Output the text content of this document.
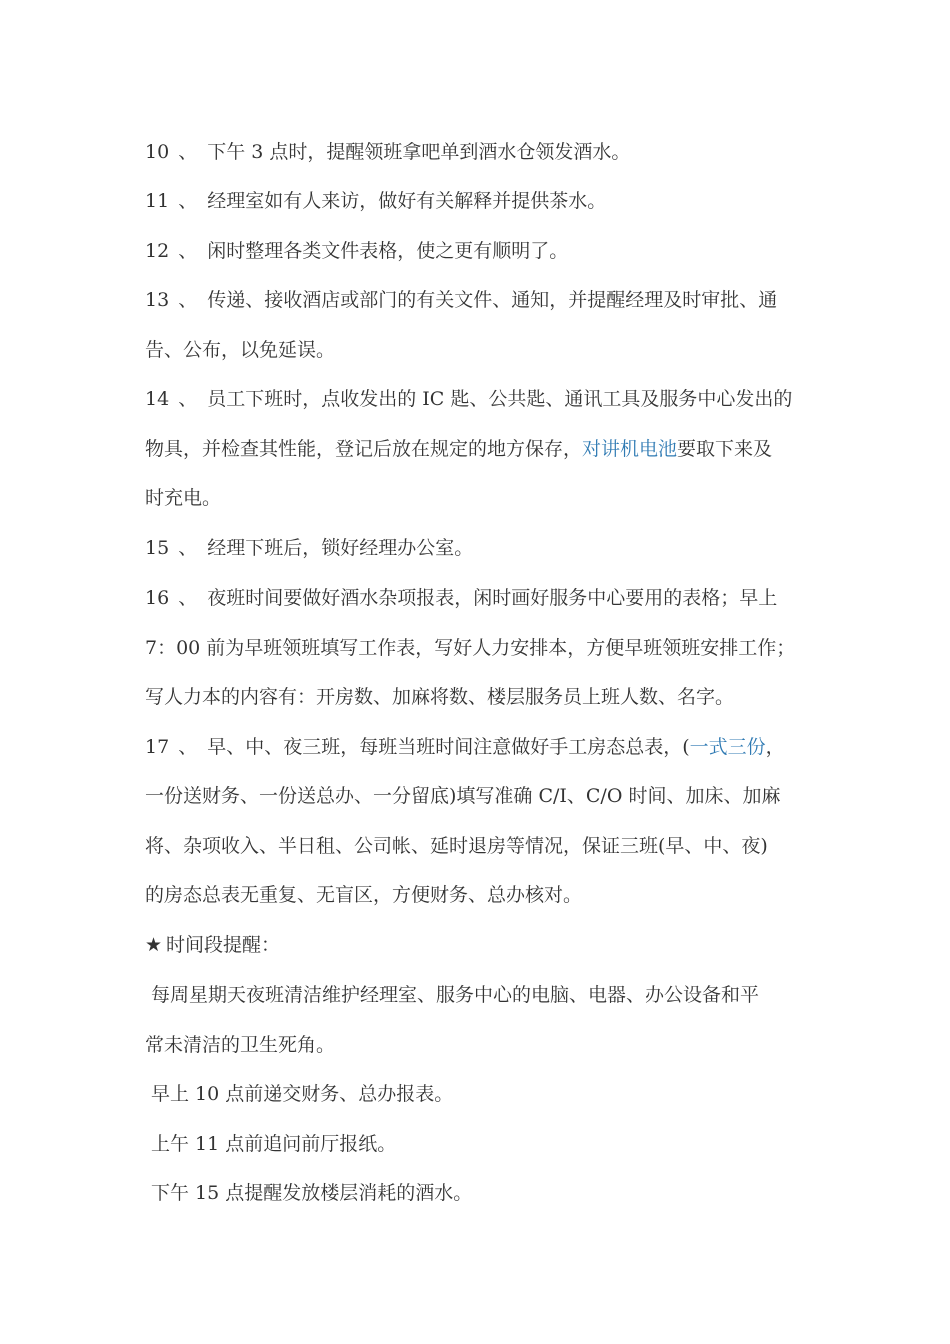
10 、 下午 3 点时，提醒领班拿吧单到酒水仓领发酒水。
11 、 经理室如有人来访，做好有关解释并提供茶水。
12 、 闲时整理各类文件表格，使之更有顺明了。
13 、 传递、接收酒店或部门的有关文件、通知，并提醒经理及时审批、通
告、公布，以免延误。
14 、 员工下班时，点收发出的 IC 匙、公共匙、通讯工具及服务中心发出的
物具，并检查其性能，登记后放在规定的地方保存，对讲机电池要取下来及
时充电。
15 、 经理下班后，锁好经理办公室。
16 、 夜班时间要做好酒水杂项报表，闲时画好服务中心要用的表格；早上
7：00 前为早班领班填写工作表，写好人力安排本，方便早班领班安排工作；
写人力本的内容有：开房数、加麻将数、楼层服务员上班人数、名字。
17 、 早、中、夜三班，每班当班时间注意做好手工房态总表，(一式三份，
一份送财务、一份送总办、一分留底)填写准确 C/I、C/O 时间、加床、加麻
将、杂项收入、半日租、公司帐、延时退房等情况，保证三班(早、中、夜)
的房态总表无重复、无盲区，方便财务、总办核对。
★ 时间段提醒：
每周星期天夜班清洁维护经理室、服务中心的电脑、电器、办公设备和平
常未清洁的卫生死角。
早上 10 点前递交财务、总办报表。
上午 11 点前追问前厅报纸。
下午 15 点提醒发放楼层消耗的酒水。
